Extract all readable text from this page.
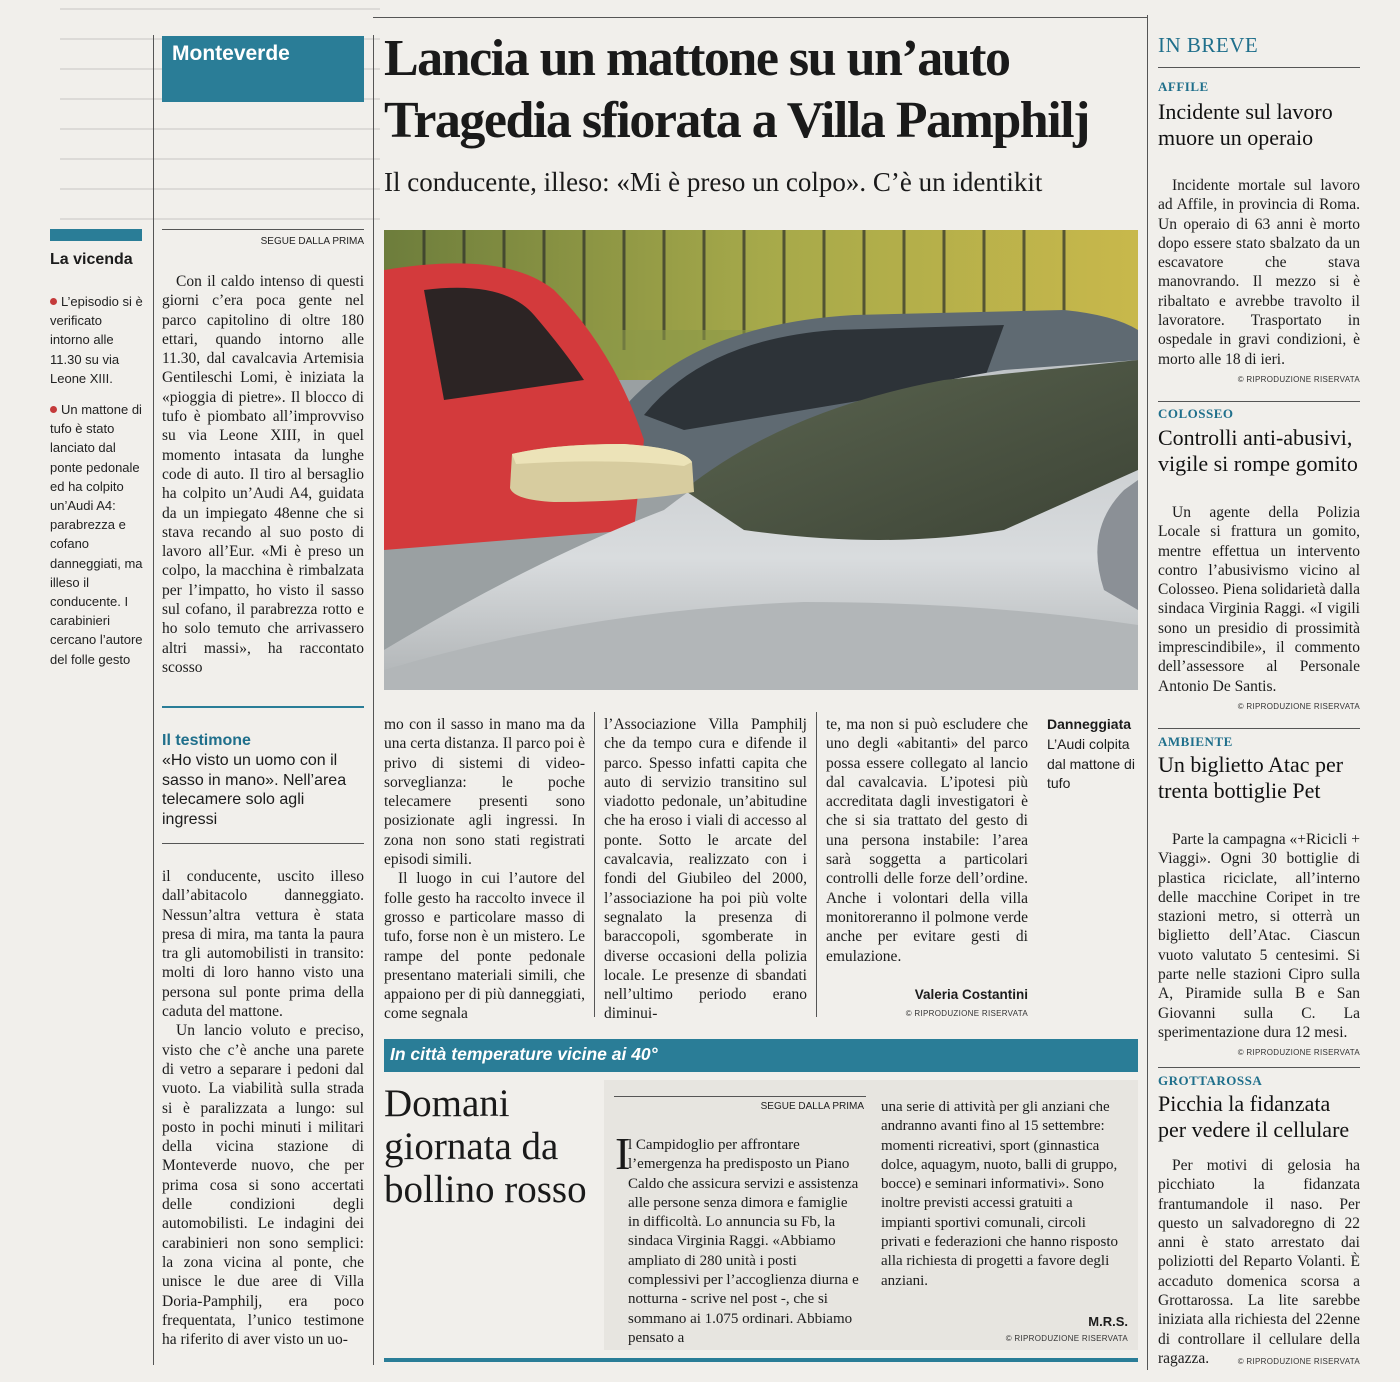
Monteverde	Lancia un mattone su un’auto
Tragedia sfiorata a Villa Pamphilj
Il conducente, illeso: «Mi è preso un colpo». C’è un identikit
La vicenda

L’episodio si è verificato intorno alle 11.30 su via Leone XIII.

Un mattone di tufo è stato lanciato dal ponte pedonale ed ha colpito un’Audi A4: parabrezza e cofano danneggiati, ma illeso il conducente. I carabinieri cercano l’autore del folle gesto

SEGUE DALLA PRIMA

Con il caldo intenso di questi giorni c’era poca gente nel parco capitolino di oltre 180 ettari, quando intorno alle 11.30, dal cavalcavia Artemisia Gentileschi Lomi, è iniziata la «pioggia di pietre». Il blocco di tufo è piombato all’improvviso su via Leone XIII, in quel momento intasata da lunghe code di auto. Il tiro al bersaglio ha colpito un’Audi A4, guidata da un impiegato 48enne che si stava recando al suo posto di lavoro all’Eur. «Mi è preso un colpo, la macchina è rimbalzata per l’impatto, ho visto il sasso sul cofano, il parabrezza rotto e ho solo temuto che arrivassero altri massi», ha raccontato scosso

Il testimone
«Ho visto un uomo con il sasso in mano». Nell’area telecamere solo agli ingressi

il conducente, uscito illeso dall’abitacolo danneggiato. Nessun’altra vettura è stata presa di mira, ma tanta la paura tra gli automobilisti in transito: molti di loro hanno visto una persona sul ponte prima della caduta del mattone.

Un lancio voluto e preciso, visto che c’è anche una parete di vetro a separare i pedoni dal vuoto. La viabilità sulla strada si è paralizzata a lungo: sul posto in pochi minuti i militari della vicina stazione di Monteverde nuovo, che per prima cosa si sono accertati delle condizioni degli automobilisti. Le indagini dei carabinieri non sono semplici: la zona vicina al ponte, che unisce le due aree di Villa Doria-Pamphilj, era poco frequentata, l’unico testimone ha riferito di aver visto un uo-

Danneggiata
L’Audi colpita dal mattone di tufo

mo con il sasso in mano ma da una certa distanza. Il parco poi è privo di sistemi di video-sorveglianza: le poche telecamere presenti sono posizionate agli ingressi. In zona non sono stati registrati episodi simili.

Il luogo in cui l’autore del folle gesto ha raccolto invece il grosso e particolare masso di tufo, forse non è un mistero. Le rampe del ponte pedonale presentano materiali simili, che appaiono per di più danneggiati, come segnala

l’Associazione Villa Pamphilj che da tempo cura e difende il parco. Spesso infatti capita che auto di servizio transitino sul viadotto pedonale, un’abitudine che ha eroso i viali di accesso al ponte. Sotto le arcate del cavalcavia, realizzato con i fondi del Giubileo del 2000, l’associazione ha poi più volte segnalato la presenza di baraccopoli, sgomberate in diverse occasioni della polizia locale. Le presenze di sbandati nell’ultimo periodo erano diminui-

te, ma non si può escludere che uno degli «abitanti» del parco possa essere collegato al lancio dal cavalcavia. L’ipotesi più accreditata dagli investigatori è che si sia trattato del gesto di una persona instabile: l’area sarà soggetta a particolari controlli delle forze dell’ordine. Anche i volontari della villa monitoreranno il polmone verde anche per evitare gesti di emulazione.

Valeria Costantini
© RIPRODUZIONE RISERVATA
In città temperature vicine ai 40°
Domani giornata da bollino rosso
SEGUE DALLA PRIMA
I
l Campidoglio per affrontare l’emergenza ha predisposto un Piano Caldo che assicura servizi e assistenza alle persone senza dimora e famiglie in difficoltà. Lo annuncia su Fb, la sindaca Virginia Raggi. «Abbiamo ampliato di 280 unità i posti complessivi per l’accoglienza diurna e notturna - scrive nel post -, che si sommano ai 1.075 ordinari. Abbiamo pensato a
una serie di attività per gli anziani che andranno avanti fino al 15 settembre: momenti ricreativi, sport (ginnastica dolce, aquagym, nuoto, balli di gruppo, bocce) e seminari informativi». Sono inoltre previsti accessi gratuiti a impianti sportivi comunali, circoli privati e federazioni che hanno risposto alla richiesta di progetti a favore degli anziani.
M.R.S.
© RIPRODUZIONE RISERVATA
IN BREVE
AFFILE
Incidente sul lavoro muore un operaio

Incidente mortale sul lavoro ad Affile, in provincia di Roma. Un operaio di 63 anni è morto dopo essere stato sbalzato da un escavatore che stava manovrando. Il mezzo si è ribaltato e avrebbe travolto il lavoratore. Trasportato in ospedale in gravi condizioni, è morto alle 18 di ieri.

© RIPRODUZIONE RISERVATA
COLOSSEO
Controlli anti-abusivi, vigile si rompe gomito

Un agente della Polizia Locale si frattura un gomito, mentre effettua un intervento contro l’abusivismo vicino al Colosseo. Piena solidarietà dalla sindaca Virginia Raggi. «I vigili sono un presidio di prossimità imprescindibile», il commento dell’assessore al Personale Antonio De Santis.

© RIPRODUZIONE RISERVATA
AMBIENTE
Un biglietto Atac per trenta bottiglie Pet

Parte la campagna «+Ricicli + Viaggi». Ogni 30 bottiglie di plastica riciclate, all’interno delle macchine Coripet in tre stazioni metro, si otterrà un biglietto dell’Atac. Ciascun vuoto valutato 5 centesimi. Si parte nelle stazioni Cipro sulla A, Piramide sulla B e San Giovanni sulla C. La sperimentazione dura 12 mesi.

© RIPRODUZIONE RISERVATA
GROTTAROSSA
Picchia la fidanzata per vedere il cellulare

Per motivi di gelosia ha picchiato la fidanzata frantumandole il naso. Per questo un salvadoregno di 22 anni è stato arrestato dai poliziotti del Reparto Volanti. È accaduto domenica scorsa a Grottarossa. La lite sarebbe iniziata alla richiesta del 22enne di controllare il cellulare della ragazza.	© RIPRODUZIONE RISERVATA
